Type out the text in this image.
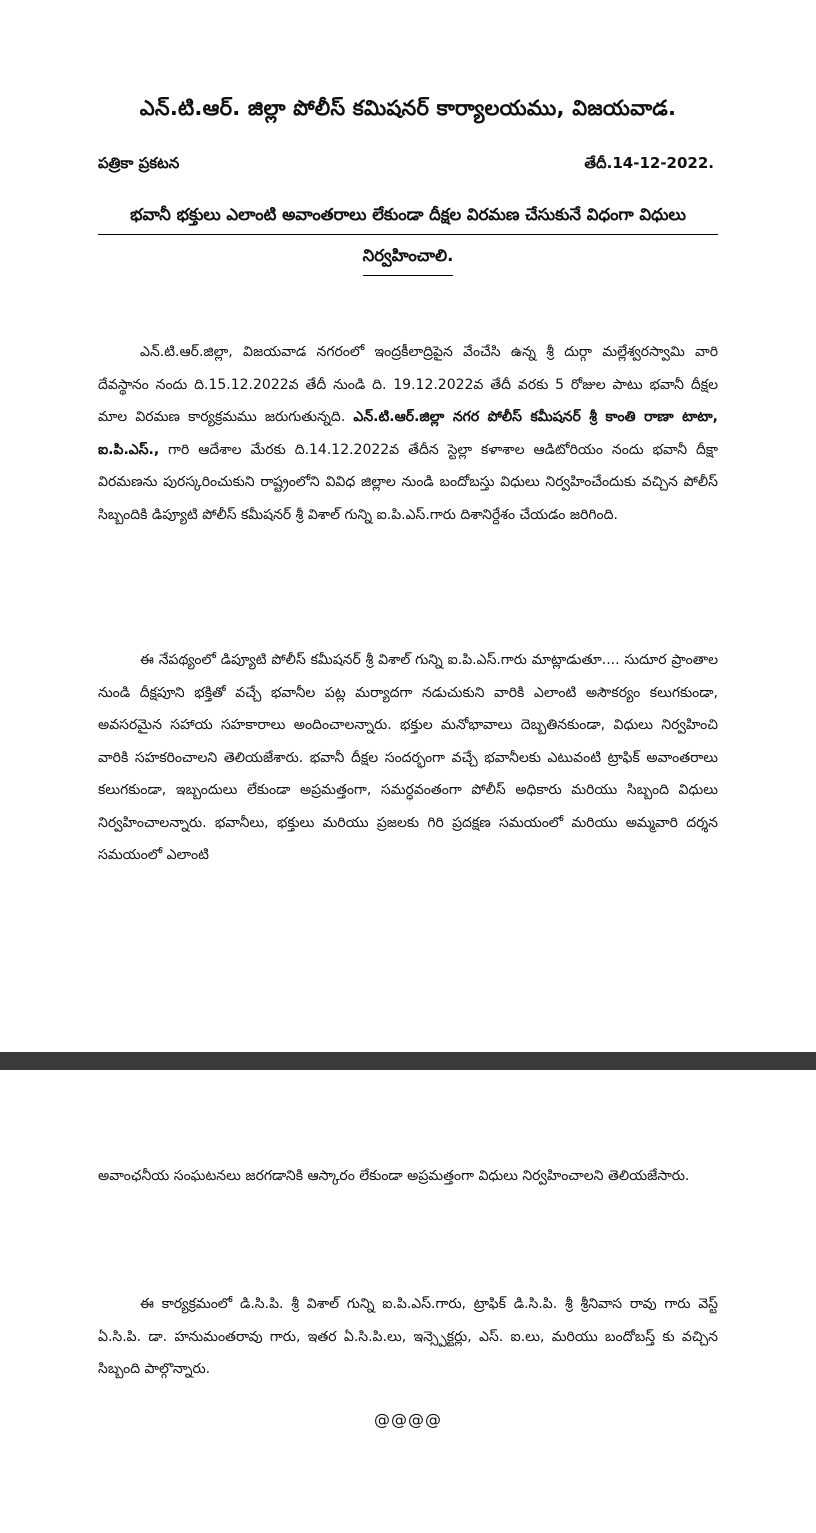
ఎన్.టి.ఆర్. జిల్లా పోలీస్ కమిషనర్ కార్యాలయము, విజయవాడ.
పత్రికా ప్రకటన	తేదీ.14-12-2022.
భవానీ భక్తులు ఎలాంటి అవాంతరాలు లేకుండా దీక్షల విరమణ చేసుకునే విధంగా విధులు
నిర్వహించాలి.

ఎన్.టి.ఆర్.జిల్లా, విజయవాడ నగరంలో ఇంద్రకీలాద్రిపైన వేంచేసి ఉన్న శ్రీ దుర్గా మల్లేశ్వరస్వామి వారి దేవస్థానం నందు ది.15.12.2022వ తేదీ నుండి ది. 19.12.2022వ తేదీ వరకు 5 రోజుల పాటు భవానీ దీక్షల మాల విరమణ కార్యక్రమము జరుగుతున్నది. ఎన్.టి.ఆర్.జిల్లా నగర పోలీస్ కమీషనర్ శ్రీ కాంతి రాణా టాటా, ఐ.పి.ఎస్., గారి ఆదేశాల మేరకు ది.14.12.2022వ తేదీన స్టెల్లా కళాశాల ఆడిటోరియం నందు భవానీ దీక్షా విరమణను పురస్కరించుకుని రాష్ట్రంలోని వివిధ జిల్లాల నుండి బందోబస్తు విధులు నిర్వహించేందుకు వచ్చిన పోలీస్ సిబ్బందికి డిప్యూటి పోలీస్ కమీషనర్ శ్రీ విశాల్ గున్ని ఐ.పి.ఎస్.గారు దిశానిర్దేశం చేయడం జరిగింది.

ఈ నేపథ్యంలో డిప్యూటి పోలీస్ కమీషనర్ శ్రీ విశాల్ గున్ని ఐ.పి.ఎస్.గారు మాట్లాడుతూ.... సుదూర ప్రాంతాల నుండి దీక్షపూని భక్తితో వచ్చే భవానీల పట్ల మర్యాదగా నడుచుకుని వారికి ఎలాంటి అసౌకర్యం కలుగకుండా, అవసరమైన సహాయ సహకారాలు అందించాలన్నారు. భక్తుల మనోభావాలు దెబ్బతినకుండా, విధులు నిర్వహించి వారికి సహకరించాలని తెలియజేశారు. భవానీ దీక్షల సందర్భంగా వచ్చే భవానీలకు ఎటువంటి ట్రాఫిక్ అవాంతరాలు కలుగకుండా, ఇబ్బందులు లేకుండా అప్రమత్తంగా, సమర్ధవంతంగా పోలీస్ అధికారు మరియు సిబ్బంది విధులు నిర్వహించాలన్నారు. భవానీలు, భక్తులు మరియు ప్రజలకు గిరి ప్రదక్షణ సమయంలో మరియు అమ్మవారి దర్శన సమయంలో ఎలాంటి

అవాంఛనీయ సంఘటనలు జరగడానికి ఆస్కారం లేకుండా అప్రమత్తంగా విధులు నిర్వహించాలని తెలియజేసారు.

ఈ కార్యక్రమంలో డి.సి.పి. శ్రీ విశాల్ గున్ని ఐ.పి.ఎస్.గారు, ట్రాఫిక్ డి.సి.పి. శ్రీ శ్రీనివాస రావు గారు వెస్ట్ ఏ.సి.పి. డా. హనుమంతరావు గారు, ఇతర ఏ.సి.పి.లు, ఇన్స్పెక్టర్లు, ఎస్. ఐ.లు, మరియు బందోబస్త్ కు వచ్చిన సిబ్బంది పాల్గొన్నారు.

@@@@
